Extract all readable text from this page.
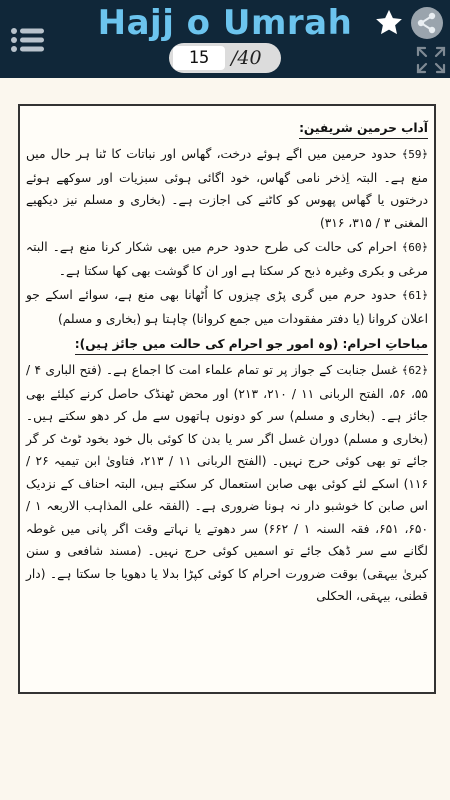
Hajj o Umrah
15
/40
آداب حرمین شریفین:

﴿59﴾ حدود حرمین میں اگے ہوئے درخت، گھاس اور نباتات کا ٹنا ہر حال میں منع ہے۔ البتہ اِذخر نامی گھاس، خود اگائی ہوئی سبزیات اور سوکھے ہوئے درختوں یا گھاس پھوس کو کاٹنے کی اجازت ہے۔ (بخاری و مسلم نیز دیکھیے المغنی ۳ / ۳۱۵، ۳۱۶)

﴿60﴾ احرام کی حالت کی طرح حدود حرم میں بھی شکار کرنا منع ہے۔ البتہ مرغی و بکری وغیرہ ذبح کر سکتا ہے اور ان کا گوشت بھی کھا سکتا ہے۔

﴿61﴾ حدود حرم میں گری پڑی چیزوں کا اُٹھانا بھی منع ہے، سوائے اسکے جو اعلان کروانا (یا دفتر مفقودات میں جمع کروانا) چاہتا ہو (بخاری و مسلم)

مباحاتِ احرام: (وہ امور جو احرام کی حالت میں جائز ہیں):

﴿62﴾ غسل جنابت کے جواز پر تو تمام علماء امت کا اجماع ہے۔ (فتح الباری ۴ / ۵۵، ۵۶، الفتح الربانی ۱۱ / ۲۱۰، ۲۱۳) اور محض ٹھنڈک حاصل کرنے کیلئے بھی جائز ہے۔ (بخاری و مسلم) سر کو دونوں ہاتھوں سے مل کر دھو سکتے ہیں۔ (بخاری و مسلم) دوران غسل اگر سر یا بدن کا کوئی بال خود بخود ٹوٹ کر گر جائے تو بھی کوئی حرج نہیں۔ (الفتح الربانی ۱۱ / ۲۱۳، فتاویٰ ابن تیمیہ ۲۶ / ۱۱۶) اسکے لئے کوئی بھی صابن استعمال کر سکتے ہیں، البتہ احناف کے نزدیک اس صابن کا خوشبو دار نہ ہونا ضروری ہے۔ (الفقہ علی المذاہب الاربعہ ۱ / ۶۵۰، ۶۵۱، فقہ السنہ ۱ / ۶۶۲) سر دھوتے یا نہاتے وقت اگر پانی میں غوطہ لگانے سے سر ڈھک جائے تو اسمیں کوئی حرج نہیں۔ (مسند شافعی و سنن کبریٰ بیہقی) بوقت ضرورت احرام کا کوئی کپڑا بدلا یا دھویا جا سکتا ہے۔ (دار قطنی، بیہقی، الحکلی
